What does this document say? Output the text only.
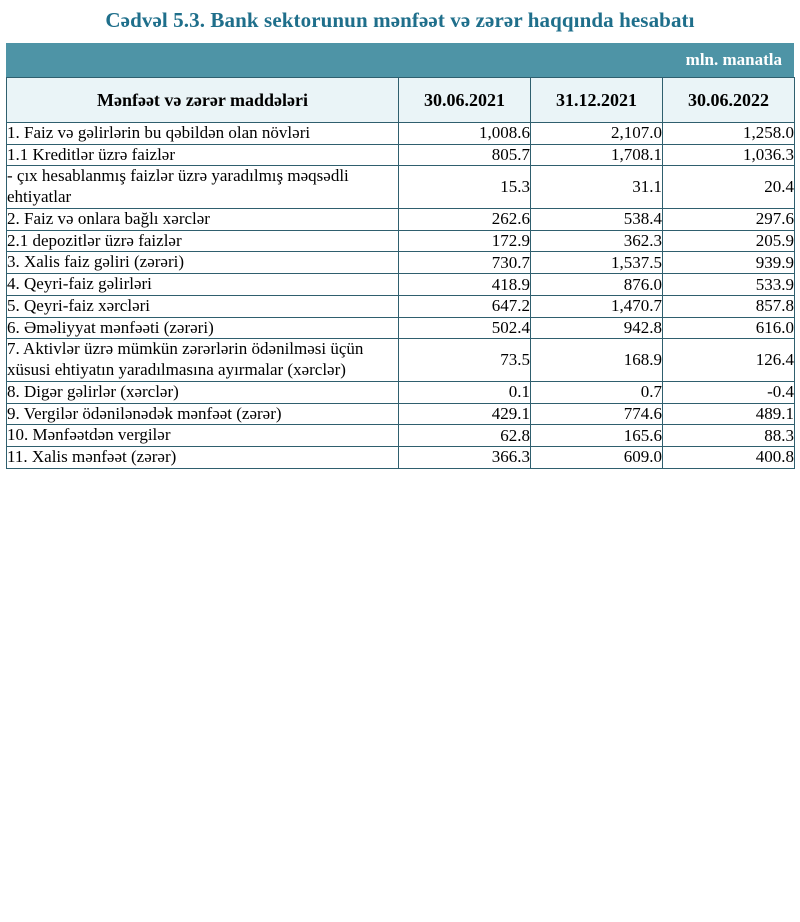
Cədvəl 5.3. Bank sektorunun mənfəət və zərər haqqında hesabatı
mln. manatla
Mənfəət və zərər maddələri	30.06.2021	31.12.2021	30.06.2022
1. Faiz və gəlirlərin bu qəbildən olan növləri	1,008.6	2,107.0	1,258.0
1.1 Kreditlər üzrə faizlər	805.7	1,708.1	1,036.3
- çıx hesablanmış faizlər üzrə yaradılmış məqsədli ehtiyatlar	15.3	31.1	20.4
2. Faiz və onlara bağlı xərclər	262.6	538.4	297.6
2.1 depozitlər üzrə faizlər	172.9	362.3	205.9
3. Xalis faiz gəliri (zərəri)	730.7	1,537.5	939.9
4. Qeyri-faiz gəlirləri	418.9	876.0	533.9
5. Qeyri-faiz xərcləri	647.2	1,470.7	857.8
6. Əməliyyat mənfəəti (zərəri)	502.4	942.8	616.0
7. Aktivlər üzrə mümkün zərərlərin ödənilməsi üçün xüsusi ehtiyatın yaradılmasına ayırmalar (xərclər)	73.5	168.9	126.4
8. Digər gəlirlər (xərclər)	0.1	0.7	-0.4
9. Vergilər ödənilənədək mənfəət (zərər)	429.1	774.6	489.1
10. Mənfəətdən vergilər	62.8	165.6	88.3
11. Xalis mənfəət (zərər)	366.3	609.0	400.8
